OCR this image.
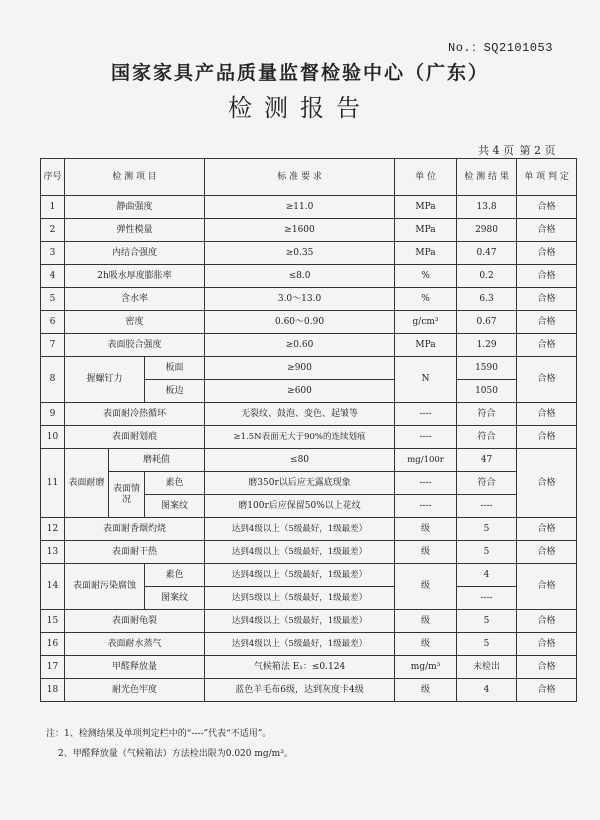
No.：SQ2101053
国家家具产品质量监督检验中心（广东）
检测报告
共 4 页 第 2 页
序号	检 测 项 目			标 准 要 求	单 位	检 测 结 果	单 项 判 定
1	静曲强度			≥11.0	MPa	13.8	合格
2	弹性模量			≥1600	MPa	2980	合格
3	内结合强度			≥0.35	MPa	0.47	合格
4	2h吸水厚度膨胀率			≤8.0	%	0.2	合格
5	含水率			3.0～13.0	%	6.3	合格
6	密度			0.60～0.90	g/cm³	0.67	合格
7	表面胶合强度			≥0.60	MPa	1.29	合格
8	握螺钉力		板面	≥900	N	1590	合格
			板边	≥600		1050	
9	表面耐冷热循环			无裂纹、鼓泡、变色、起皱等	----	符合	合格
10	表面耐划痕			≥1.5N表面无大于90%的连续划痕	----	符合	合格
11	表面耐磨	磨耗值		≤80	mg/100r	47	合格
		表面情况	素色	磨350r以后应无露底现象	----	符合	
			图案纹	磨100r后应保留50%以上花纹	----	----	
12	表面耐香烟灼烧			达到4级以上（5级最好，1级最差）	级	5	合格
13	表面耐干热			达到4级以上（5级最好，1级最差）	级	5	合格
14	表面耐污染腐蚀		素色	达到4级以上（5级最好，1级最差）	级	4	合格
			图案纹	达到5级以上（5级最好，1级最差）		----	
15	表面耐龟裂			达到4级以上（5级最好，1级最差）	级	5	合格
16	表面耐水蒸气			达到4级以上（5级最好，1级最差）	级	5	合格
17	甲醛释放量			气候箱法 E₁：≤0.124	mg/m³	未检出	合格
18	耐光色牢度			蓝色羊毛布6级，达到灰度卡4级	级	4	合格
注：1、检测结果及单项判定栏中的“----”代表“不适用”。
2、甲醛释放量（气候箱法）方法检出限为0.020 mg/m³。
